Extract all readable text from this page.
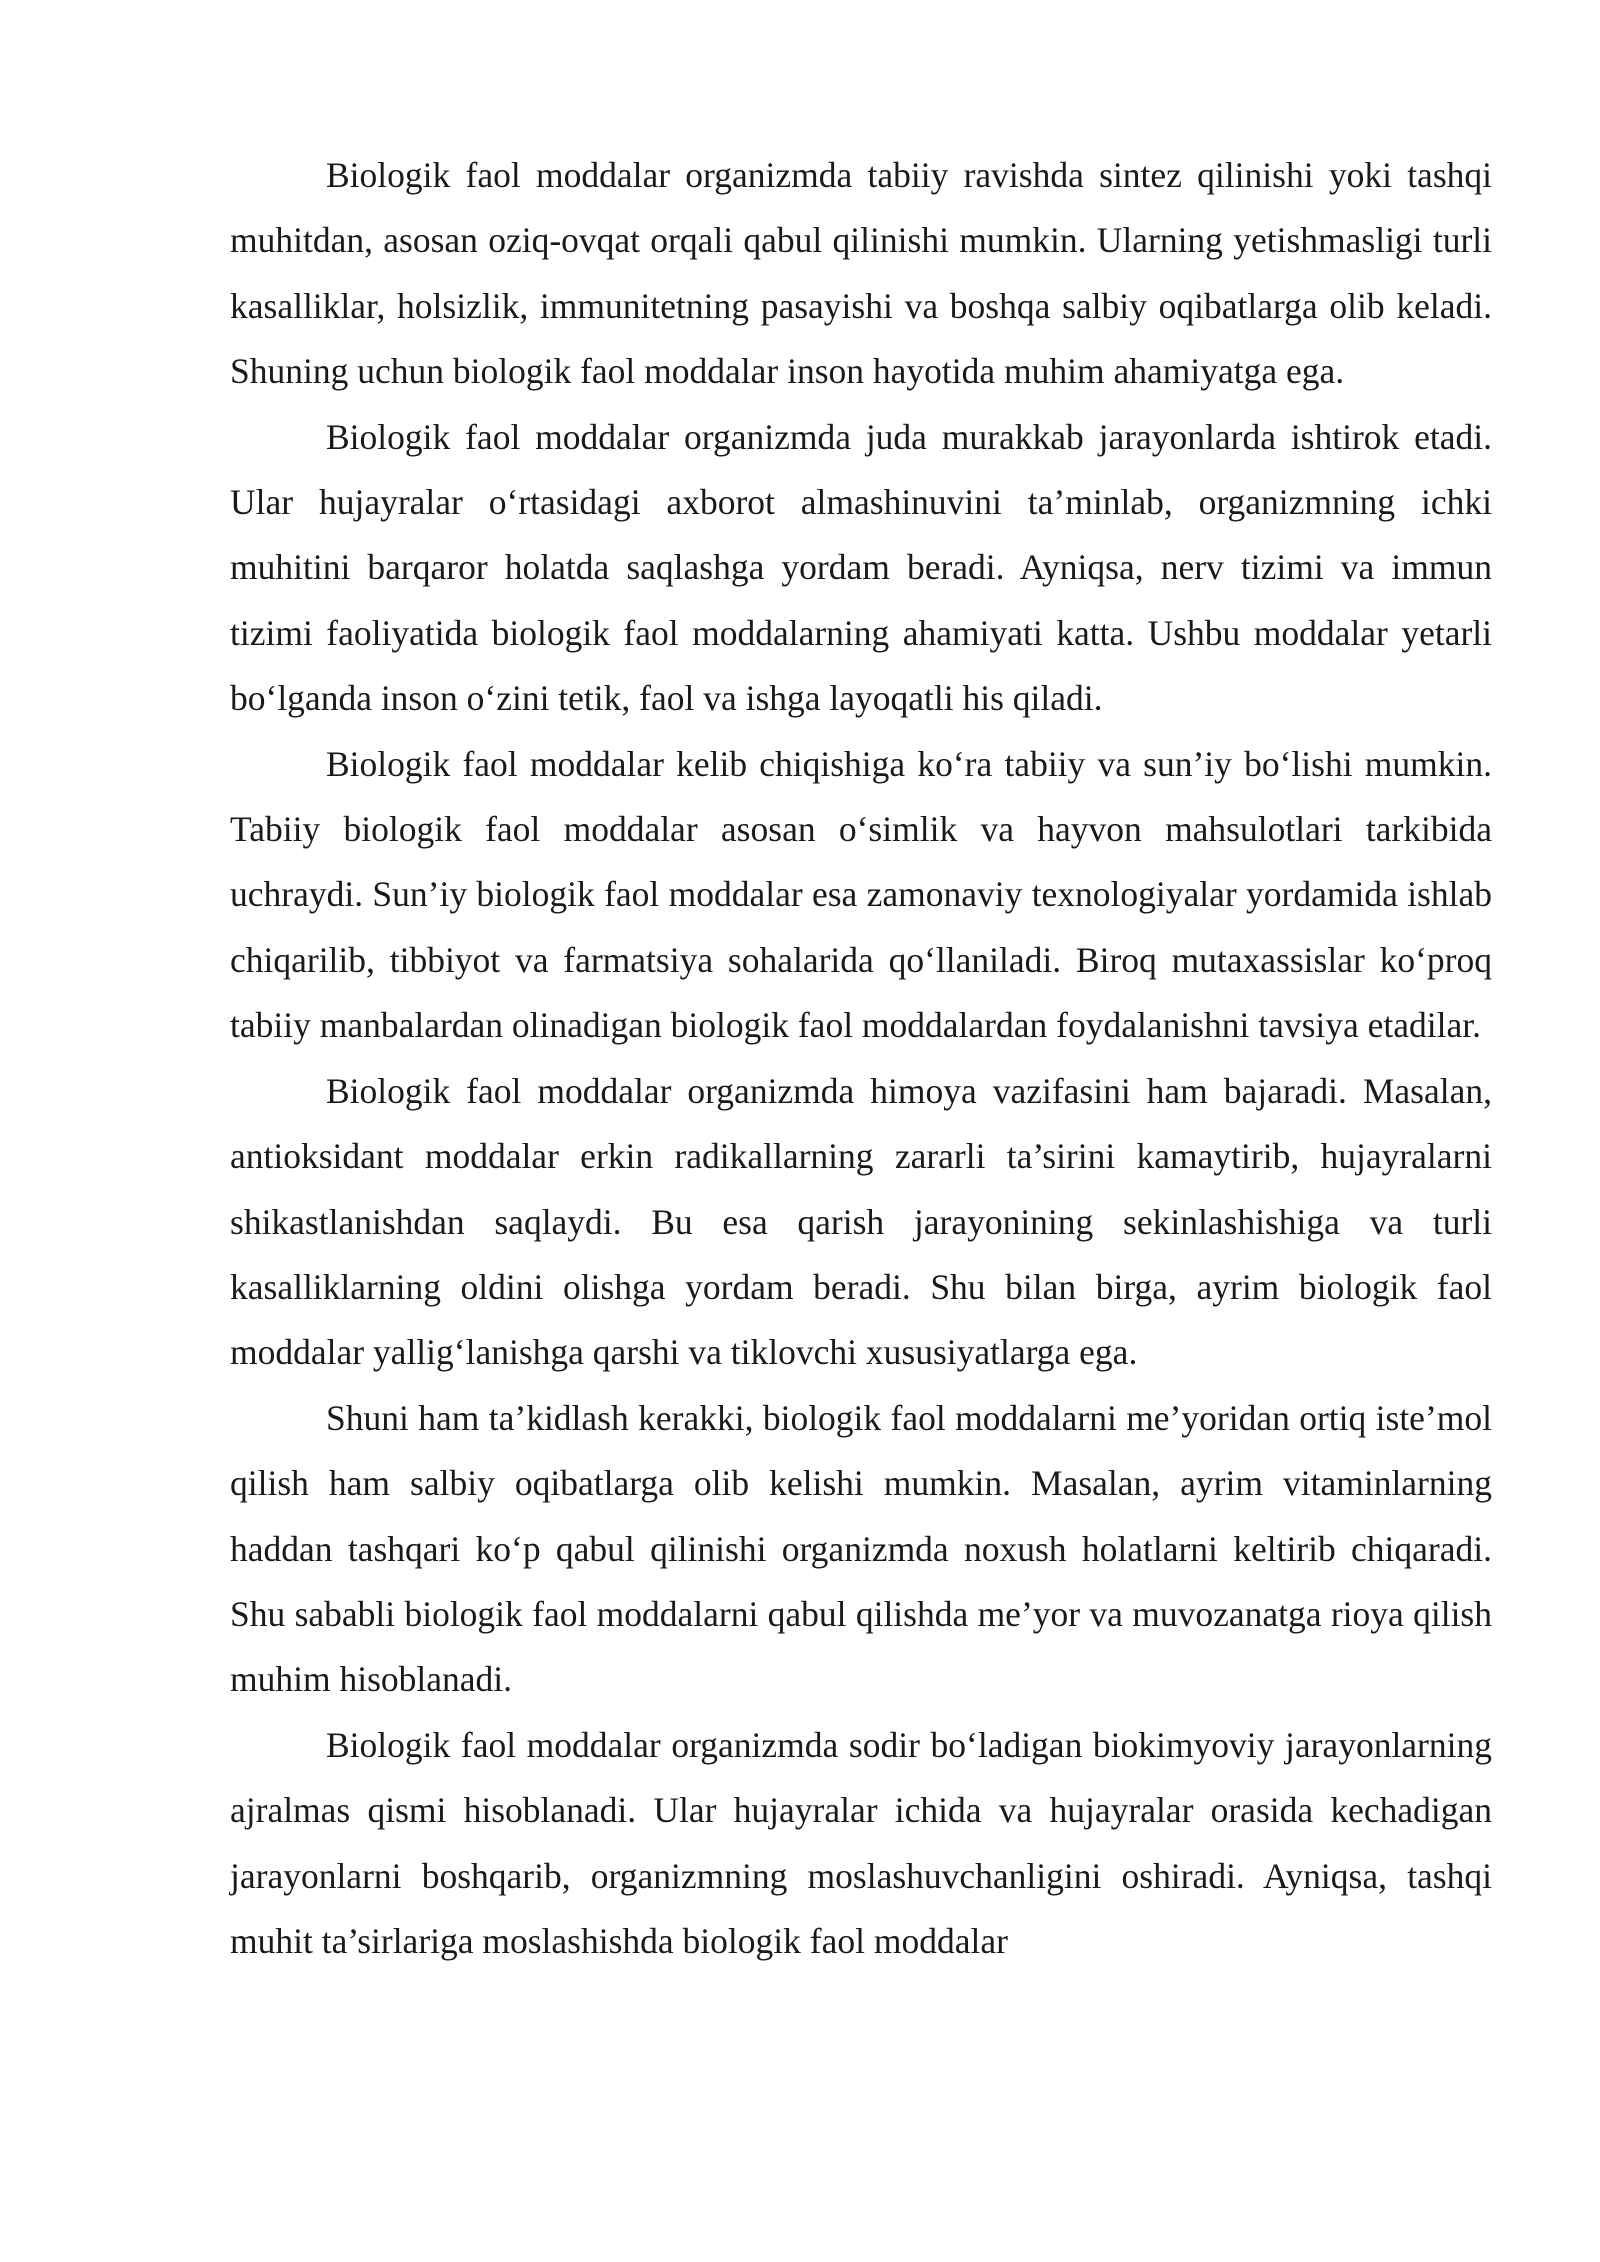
Biologik faol moddalar organizmda tabiiy ravishda sintez qilinishi yoki tashqi muhitdan, asosan oziq-ovqat orqali qabul qilinishi mumkin. Ularning yetishmasligi turli kasalliklar, holsizlik, immunitetning pasayishi va boshqa salbiy oqibatlarga olib keladi. Shuning uchun biologik faol moddalar inson hayotida muhim ahamiyatga ega.

Biologik faol moddalar organizmda juda murakkab jarayonlarda ishtirok etadi. Ular hujayralar o‘rtasidagi axborot almashinuvini ta’minlab, organizmning ichki muhitini barqaror holatda saqlashga yordam beradi. Ayniqsa, nerv tizimi va immun tizimi faoliyatida biologik faol moddalarning ahamiyati katta. Ushbu moddalar yetarli bo‘lganda inson o‘zini tetik, faol va ishga layoqatli his qiladi.

Biologik faol moddalar kelib chiqishiga ko‘ra tabiiy va sun’iy bo‘lishi mumkin. Tabiiy biologik faol moddalar asosan o‘simlik va hayvon mahsulotlari tarkibida uchraydi. Sun’iy biologik faol moddalar esa zamonaviy texnologiyalar yordamida ishlab chiqarilib, tibbiyot va farmatsiya sohalarida qo‘llaniladi. Biroq mutaxassislar ko‘proq tabiiy manbalardan olinadigan biologik faol moddalardan foydalanishni tavsiya etadilar.

Biologik faol moddalar organizmda himoya vazifasini ham bajaradi. Masalan, antioksidant moddalar erkin radikallarning zararli ta’sirini kamaytirib, hujayralarni shikastlanishdan saqlaydi. Bu esa qarish jarayonining sekinlashishiga va turli kasalliklarning oldini olishga yordam beradi. Shu bilan birga, ayrim biologik faol moddalar yallig‘lanishga qarshi va tiklovchi xususiyatlarga ega.

Shuni ham ta’kidlash kerakki, biologik faol moddalarni me’yoridan ortiq iste’mol qilish ham salbiy oqibatlarga olib kelishi mumkin. Masalan, ayrim vitaminlarning haddan tashqari ko‘p qabul qilinishi organizmda noxush holatlarni keltirib chiqaradi. Shu sababli biologik faol moddalarni qabul qilishda me’yor va muvozanatga rioya qilish muhim hisoblanadi.

Biologik faol moddalar organizmda sodir bo‘ladigan biokimyoviy jarayonlarning ajralmas qismi hisoblanadi. Ular hujayralar ichida va hujayralar orasida kechadigan jarayonlarni boshqarib, organizmning moslashuvchanligini oshiradi. Ayniqsa, tashqi muhit ta’sirlariga moslashishda biologik faol moddalar
